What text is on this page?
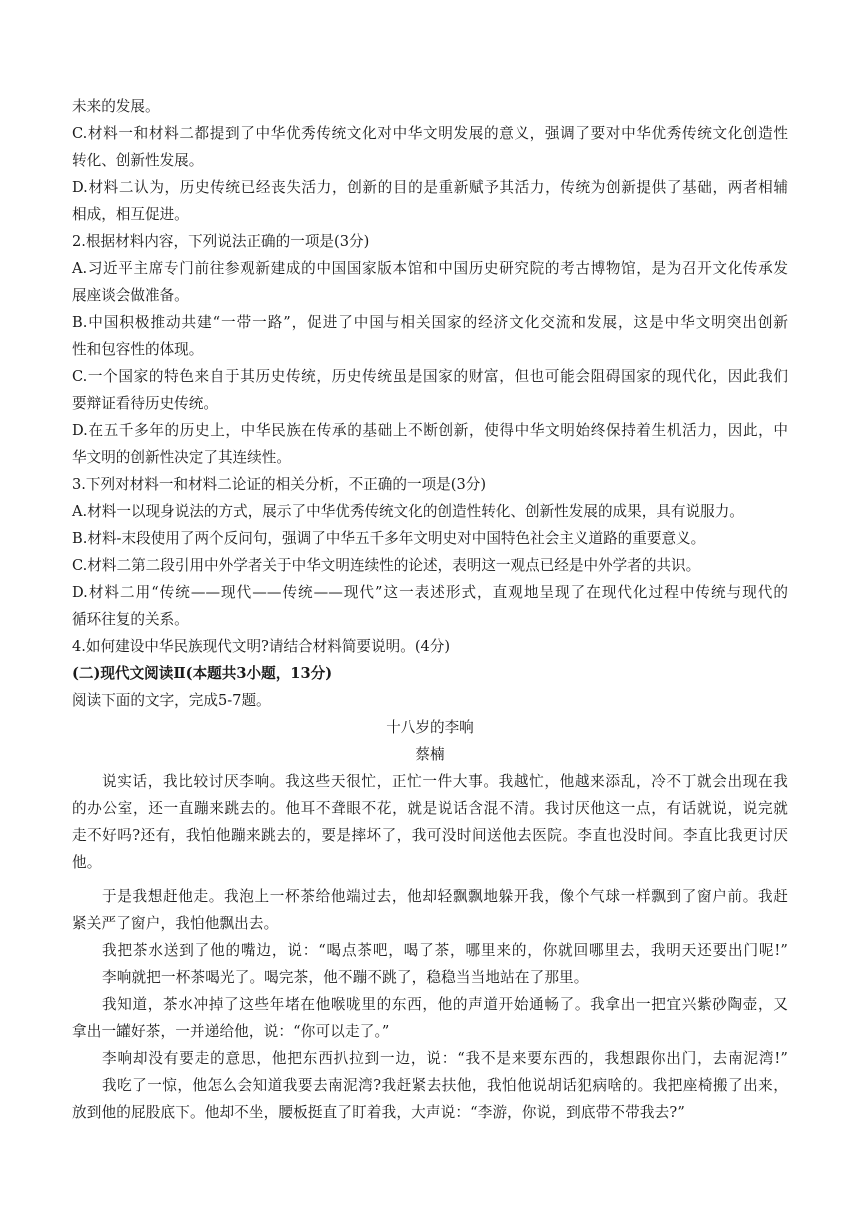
未来的发展。
C.材料一和材料二都提到了中华优秀传统文化对中华文明发展的意义，强调了要对中华优秀传统文化创造性
转化、创新性发展。
D.材料二认为，历史传统已经丧失活力，创新的目的是重新赋予其活力，传统为创新提供了基础，两者相辅
相成，相互促进。
2.根据材料内容，下列说法正确的一项是(3分)
A.习近平主席专门前往参观新建成的中国国家版本馆和中国历史研究院的考古博物馆，是为召开文化传承发
展座谈会做准备。
B.中国积极推动共建“一带一路”，促进了中国与相关国家的经济文化交流和发展，这是中华文明突出创新
性和包容性的体现。
C.一个国家的特色来自于其历史传统，历史传统虽是国家的财富，但也可能会阻碍国家的现代化，因此我们
要辩证看待历史传统。
D.在五千多年的历史上，中华民族在传承的基础上不断创新，使得中华文明始终保持着生机活力，因此，中
华文明的创新性决定了其连续性。
3.下列对材料一和材料二论证的相关分析，不正确的一项是(3分)
A.材料一以现身说法的方式，展示了中华优秀传统文化的创造性转化、创新性发展的成果，具有说服力。
B.材料-末段使用了两个反问句，强调了中华五千多年文明史对中国特色社会主义道路的重要意义。
C.材料二第二段引用中外学者关于中华文明连续性的论述，表明这一观点已经是中外学者的共识。
D.材料二用“传统——现代——传统——现代”这一表述形式，直观地呈现了在现代化过程中传统与现代的
循环往复的关系。
4.如何建设中华民族现代文明?请结合材料简要说明。(4分)
(二)现代文阅读Ⅱ(本题共3小题，13分)
阅读下面的文字，完成5-7题。
十八岁的李响
蔡楠
说实话，我比较讨厌李响。我这些天很忙，正忙一件大事。我越忙，他越来添乱，冷不丁就会出现在我
的办公室，还一直蹦来跳去的。他耳不聋眼不花，就是说话含混不清。我讨厌他这一点，有话就说，说完就
走不好吗?还有，我怕他蹦来跳去的，要是摔坏了，我可没时间送他去医院。李直也没时间。李直比我更讨厌
他。
于是我想赶他走。我泡上一杯茶给他端过去，他却轻飘飘地躲开我，像个气球一样飘到了窗户前。我赶
紧关严了窗户，我怕他飘出去。
我把茶水送到了他的嘴边，说：“喝点茶吧，喝了茶，哪里来的，你就回哪里去，我明天还要出门呢!”
李响就把一杯茶喝光了。喝完茶，他不蹦不跳了，稳稳当当地站在了那里。
我知道，茶水冲掉了这些年堵在他喉咙里的东西，他的声道开始通畅了。我拿出一把宜兴紫砂陶壶，又
拿出一罐好茶，一并递给他，说：“你可以走了。”
李响却没有要走的意思，他把东西扒拉到一边，说：“我不是来要东西的，我想跟你出门，去南泥湾!”
我吃了一惊，他怎么会知道我要去南泥湾?我赶紧去扶他，我怕他说胡话犯病啥的。我把座椅搬了出来，
放到他的屁股底下。他却不坐，腰板挺直了盯着我，大声说：“李游，你说，到底带不带我去?”
